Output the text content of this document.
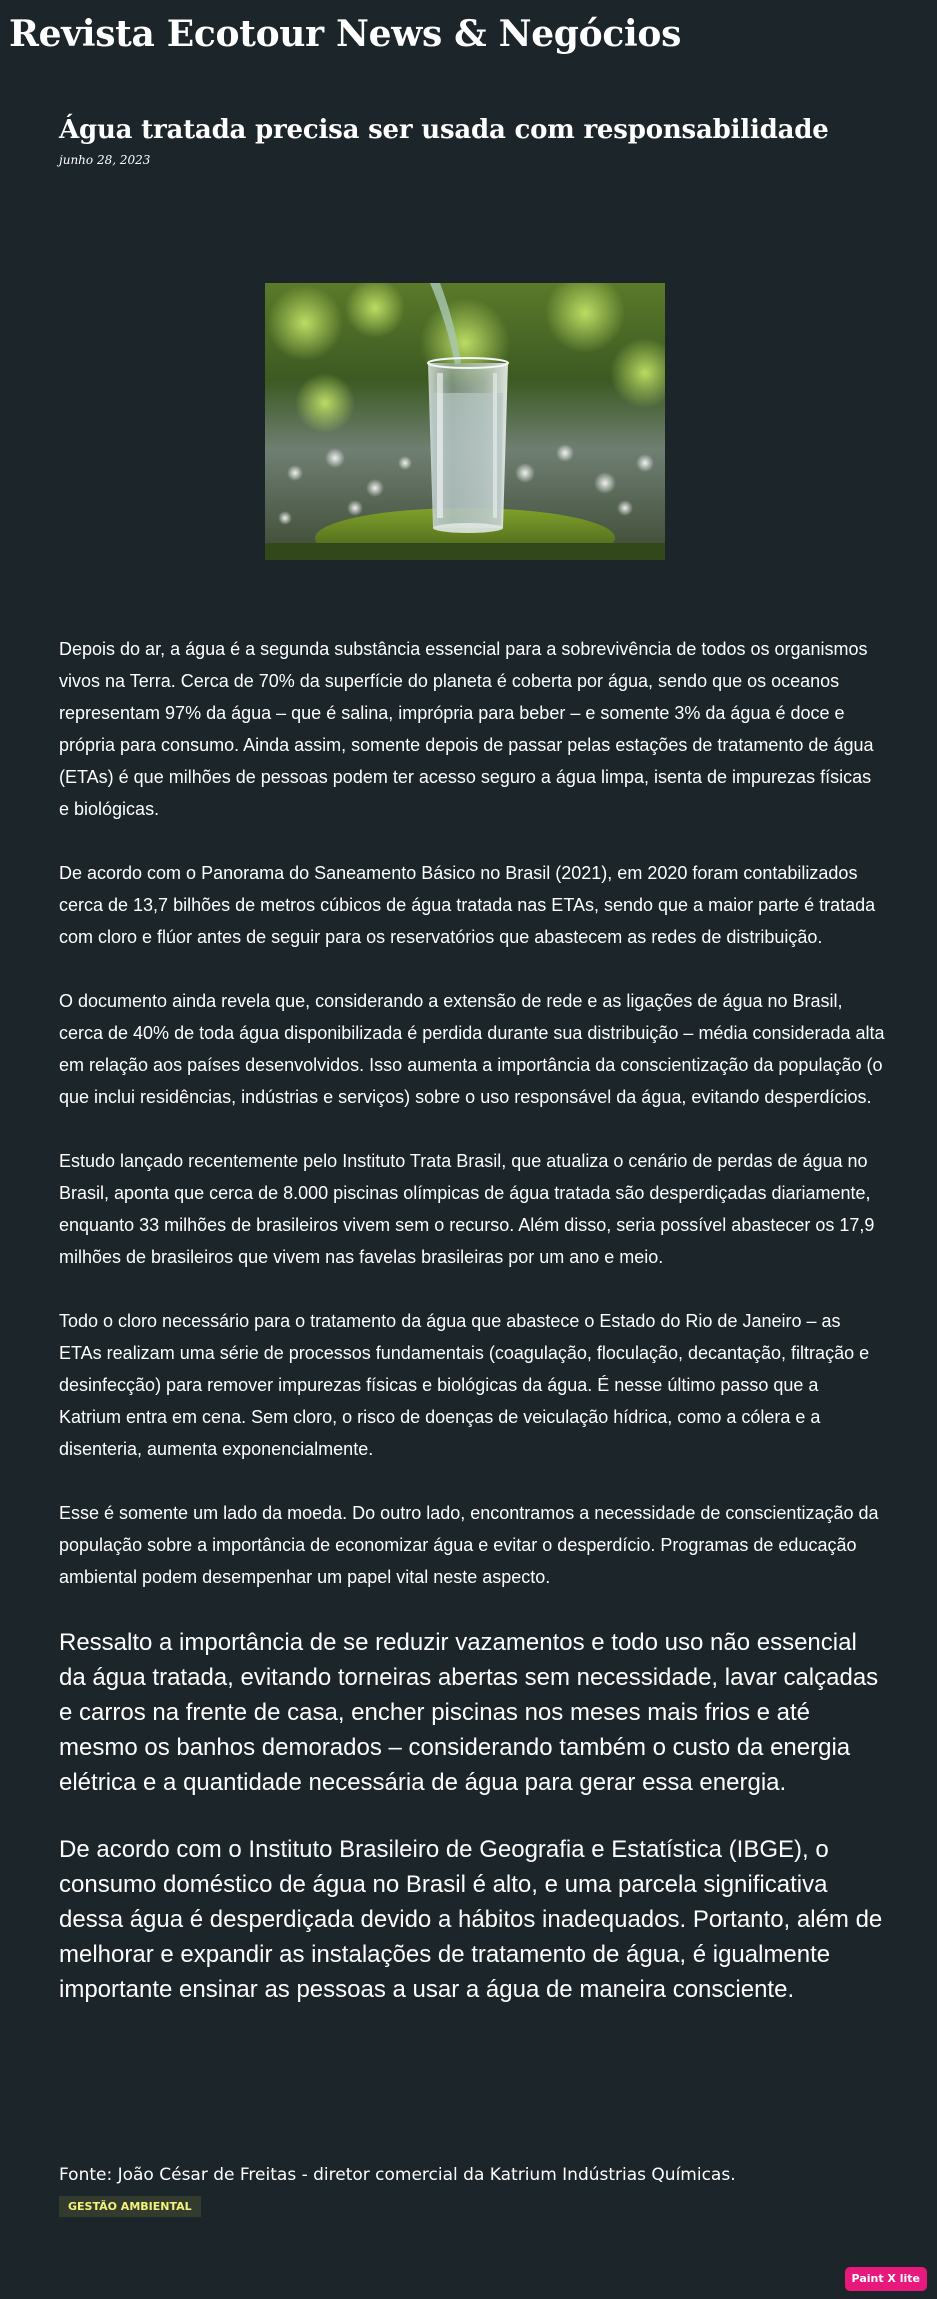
Revista Ecotour News & Negócios
Água tratada precisa ser usada com responsabilidade

junho 28, 2023

Depois do ar, a água é a segunda substância essencial para a sobrevivência de todos os organismos vivos na Terra. Cerca de 70% da superfície do planeta é coberta por água, sendo que os oceanos representam 97% da água – que é salina, imprópria para beber – e somente 3% da água é doce e própria para consumo. Ainda assim, somente depois de passar pelas estações de tratamento de água (ETAs) é que milhões de pessoas podem ter acesso seguro a água limpa, isenta de impurezas físicas e biológicas.

De acordo com o Panorama do Saneamento Básico no Brasil (2021), em 2020 foram contabilizados cerca de 13,7 bilhões de metros cúbicos de água tratada nas ETAs, sendo que a maior parte é tratada com cloro e flúor antes de seguir para os reservatórios que abastecem as redes de distribuição.

O documento ainda revela que, considerando a extensão de rede e as ligações de água no Brasil, cerca de 40% de toda água disponibilizada é perdida durante sua distribuição – média considerada alta em relação aos países desenvolvidos. Isso aumenta a importância da conscientização da população (o que inclui residências, indústrias e serviços) sobre o uso responsável da água, evitando desperdícios.

Estudo lançado recentemente pelo Instituto Trata Brasil, que atualiza o cenário de perdas de água no Brasil, aponta que cerca de 8.000 piscinas olímpicas de água tratada são desperdiçadas diariamente, enquanto 33 milhões de brasileiros vivem sem o recurso. Além disso, seria possível abastecer os 17,9 milhões de brasileiros que vivem nas favelas brasileiras por um ano e meio.

Todo o cloro necessário para o tratamento da água que abastece o Estado do Rio de Janeiro – as ETAs realizam uma série de processos fundamentais (coagulação, floculação, decantação, filtração e desinfecção) para remover impurezas físicas e biológicas da água. É nesse último passo que a Katrium entra em cena. Sem cloro, o risco de doenças de veiculação hídrica, como a cólera e a disenteria, aumenta exponencialmente.

Esse é somente um lado da moeda. Do outro lado, encontramos a necessidade de conscientização da população sobre a importância de economizar água e evitar o desperdício. Programas de educação ambiental podem desempenhar um papel vital neste aspecto.

Ressalto a importância de se reduzir vazamentos e todo uso não essencial da água tratada, evitando torneiras abertas sem necessidade, lavar calçadas e carros na frente de casa, encher piscinas nos meses mais frios e até mesmo os banhos demorados – considerando também o custo da energia elétrica e a quantidade necessária de água para gerar essa energia.

De acordo com o Instituto Brasileiro de Geografia e Estatística (IBGE), o consumo doméstico de água no Brasil é alto, e uma parcela significativa dessa água é desperdiçada devido a hábitos inadequados. Portanto, além de melhorar e expandir as instalações de tratamento de água, é igualmente importante ensinar as pessoas a usar a água de maneira consciente.

Fonte: João César de Freitas - diretor comercial da Katrium Indústrias Químicas.

GESTÃO AMBIENTAL
Paint X lite
